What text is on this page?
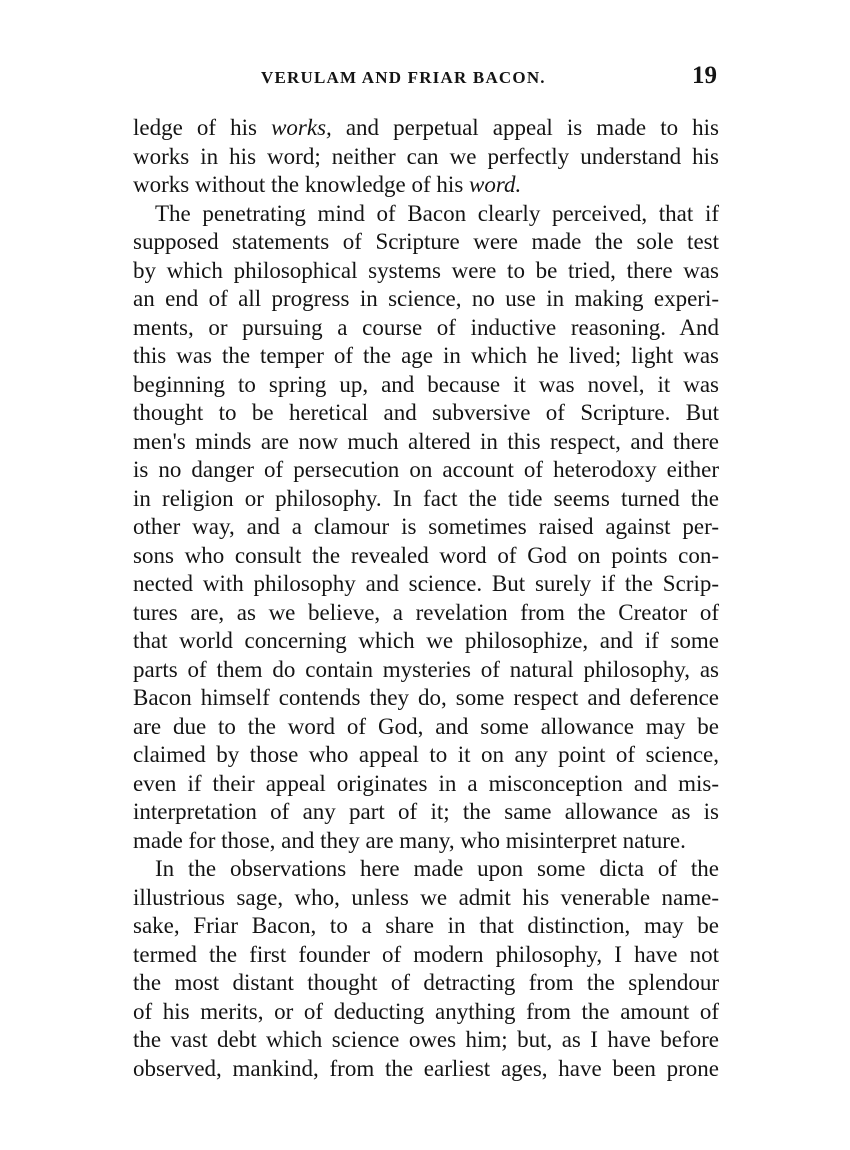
VERULAM AND FRIAR BACON.	19
ledge of his works, and perpetual appeal is made to his
works in his word; neither can we perfectly understand his
works without the knowledge of his word.
The penetrating mind of Bacon clearly perceived, that if
supposed statements of Scripture were made the sole test
by which philosophical systems were to be tried, there was
an end of all progress in science, no use in making experi-
ments, or pursuing a course of inductive reasoning. And
this was the temper of the age in which he lived; light was
beginning to spring up, and because it was novel, it was
thought to be heretical and subversive of Scripture. But
men's minds are now much altered in this respect, and there
is no danger of persecution on account of heterodoxy either
in religion or philosophy. In fact the tide seems turned the
other way, and a clamour is sometimes raised against per-
sons who consult the revealed word of God on points con-
nected with philosophy and science. But surely if the Scrip-
tures are, as we believe, a revelation from the Creator of
that world concerning which we philosophize, and if some
parts of them do contain mysteries of natural philosophy, as
Bacon himself contends they do, some respect and deference
are due to the word of God, and some allowance may be
claimed by those who appeal to it on any point of science,
even if their appeal originates in a misconception and mis-
interpretation of any part of it; the same allowance as is
made for those, and they are many, who misinterpret nature.
In the observations here made upon some dicta of the
illustrious sage, who, unless we admit his venerable name-
sake, Friar Bacon, to a share in that distinction, may be
termed the first founder of modern philosophy, I have not
the most distant thought of detracting from the splendour
of his merits, or of deducting anything from the amount of
the vast debt which science owes him; but, as I have before
observed, mankind, from the earliest ages, have been prone
